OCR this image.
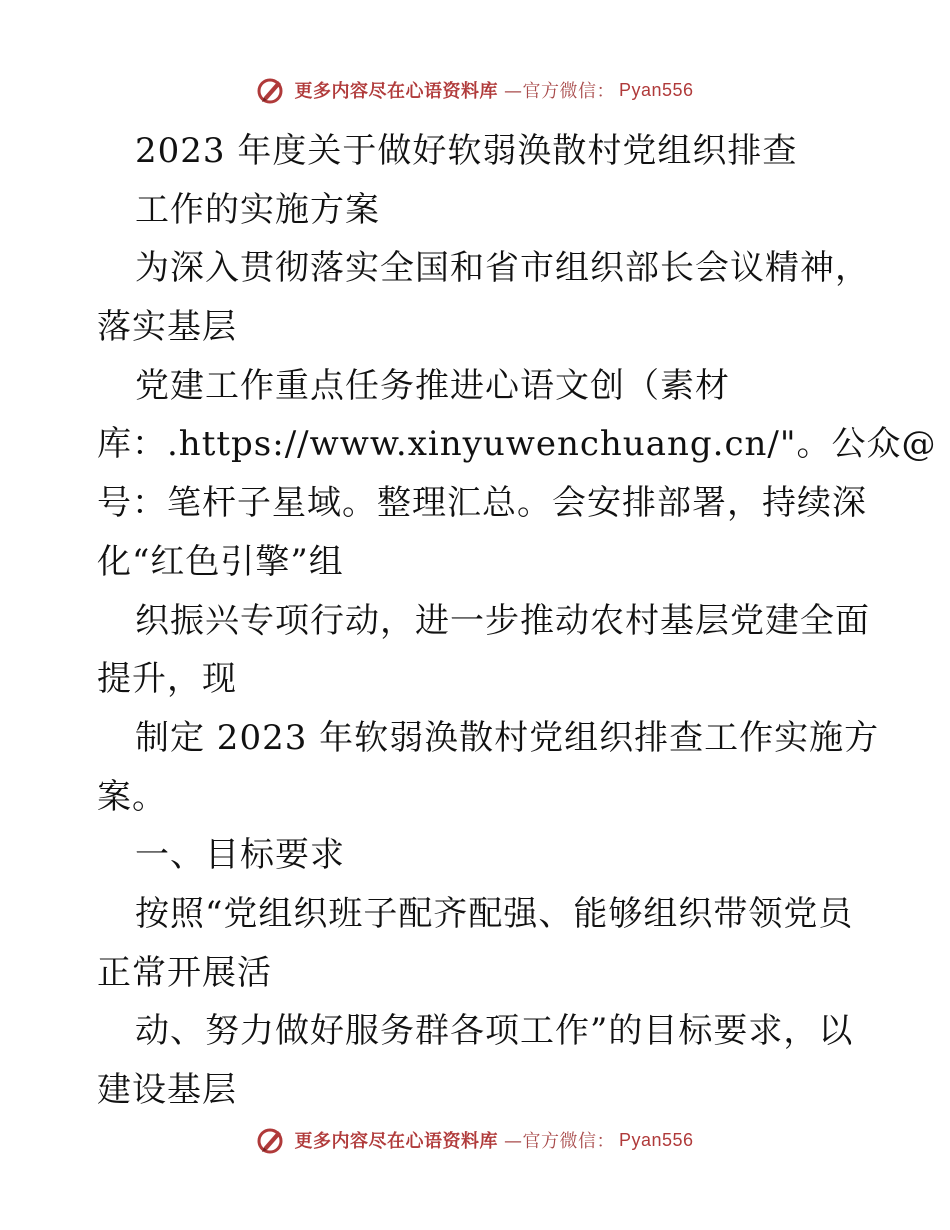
更多内容尽在心语资料库 —官方微信： Pyan556
2023 年度关于做好软弱涣散村党组织排查
工作的实施方案
为深入贯彻落实全国和省市组织部长会议精神，
落实基层
党建工作重点任务推进心语文创（素材
库：.https://www.xinyuwenchuang.cn/"。公众@
号：笔杆子星域。整理汇总。会安排部署，持续深
化“红色引擎”组
织振兴专项行动，进一步推动农村基层党建全面
提升，现
制定 2023 年软弱涣散村党组织排查工作实施方
案。
一、目标要求
按照“党组织班子配齐配强、能够组织带领党员
正常开展活
动、努力做好服务群各项工作”的目标要求，以
建设基层
更多内容尽在心语资料库 —官方微信： Pyan556
